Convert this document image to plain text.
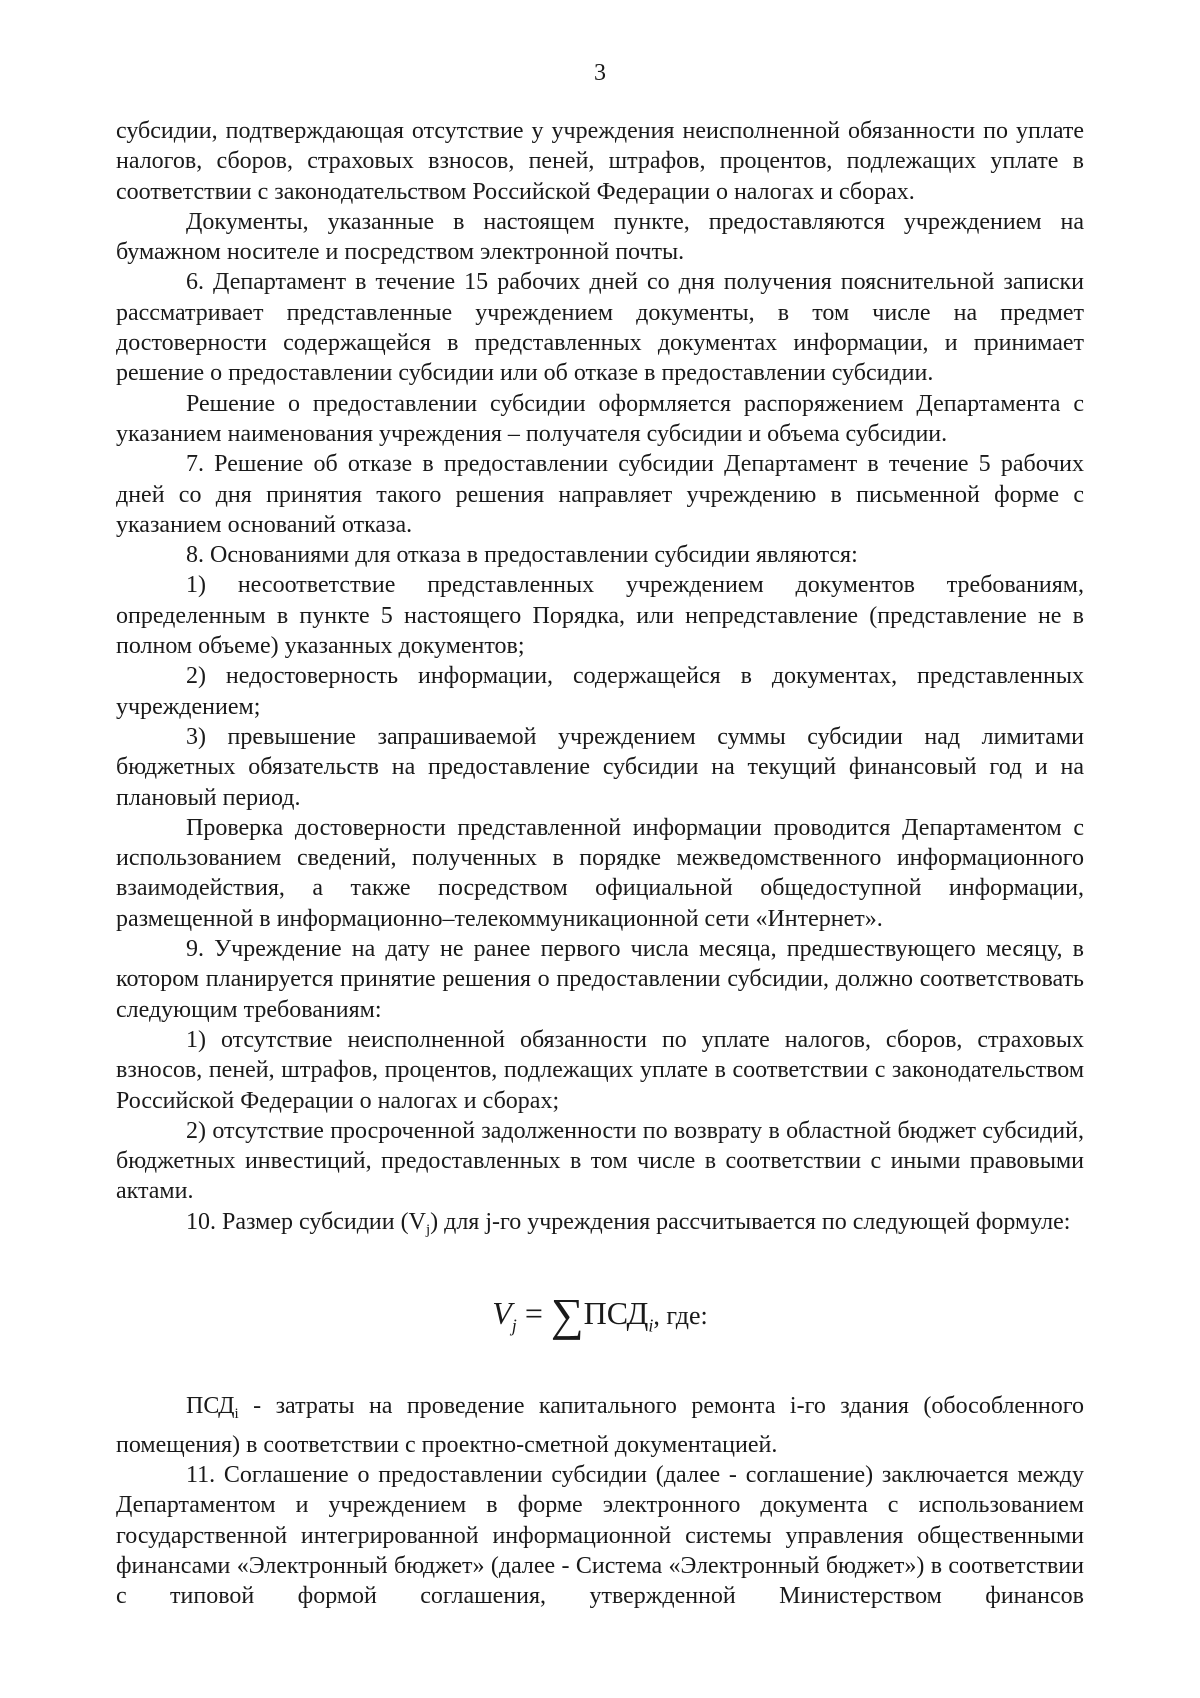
3

субсидии, подтверждающая отсутствие у учреждения неисполненной обязанности по уплате налогов, сборов, страховых взносов, пеней, штрафов, процентов, подлежащих уплате в соответствии с законодательством Российской Федерации о налогах и сборах.

Документы, указанные в настоящем пункте, предоставляются учреждением на бумажном носителе и посредством электронной почты.

6. Департамент в течение 15 рабочих дней со дня получения пояснительной записки рассматривает представленные учреждением документы, в том числе на предмет достоверности содержащейся в представленных документах информации, и принимает решение о предоставлении субсидии или об отказе в предоставлении субсидии.

Решение о предоставлении субсидии оформляется распоряжением Департамента с указанием наименования учреждения – получателя субсидии и объема субсидии.

7. Решение об отказе в предоставлении субсидии Департамент в течение 5 рабочих дней со дня принятия такого решения направляет учреждению в письменной форме с указанием оснований отказа.

8. Основаниями для отказа в предоставлении субсидии являются:

1) несоответствие представленных учреждением документов требованиям, определенным в пункте 5 настоящего Порядка, или непредставление (представление не в полном объеме) указанных документов;

2) недостоверность информации, содержащейся в документах, представленных учреждением;

3) превышение запрашиваемой учреждением суммы субсидии над лимитами бюджетных обязательств на предоставление субсидии на текущий финансовый год и на плановый период.

Проверка достоверности представленной информации проводится Департаментом с использованием сведений, полученных в порядке межведомственного информационного взаимодействия, а также посредством официальной общедоступной информации, размещенной в информационно–телекоммуникационной сети «Интернет».

9. Учреждение на дату не ранее первого числа месяца, предшествующего месяцу, в котором планируется принятие решения о предоставлении субсидии, должно соответствовать следующим требованиям:

1) отсутствие неисполненной обязанности по уплате налогов, сборов, страховых взносов, пеней, штрафов, процентов, подлежащих уплате в соответствии с законодательством Российской Федерации о налогах и сборах;

2) отсутствие просроченной задолженности по возврату в областной бюджет субсидий, бюджетных инвестиций, предоставленных в том числе в соответствии с иными правовыми актами.

10. Размер субсидии $(V_j)$ для j-го учреждения рассчитывается по следующей формуле:

$V_j = \sum ПСД_i$, где:

$ПСД_i$ - затраты на проведение капитального ремонта i-го здания (обособленного помещения) в соответствии с проектно-сметной документацией.

11. Соглашение о предоставлении субсидии (далее - соглашение) заключается между Департаментом и учреждением в форме электронного документа с использованием государственной интегрированной информационной системы управления общественными финансами «Электронный бюджет» (далее - Система «Электронный бюджет») в соответствии с типовой формой соглашения, утвержденной Министерством финансов
